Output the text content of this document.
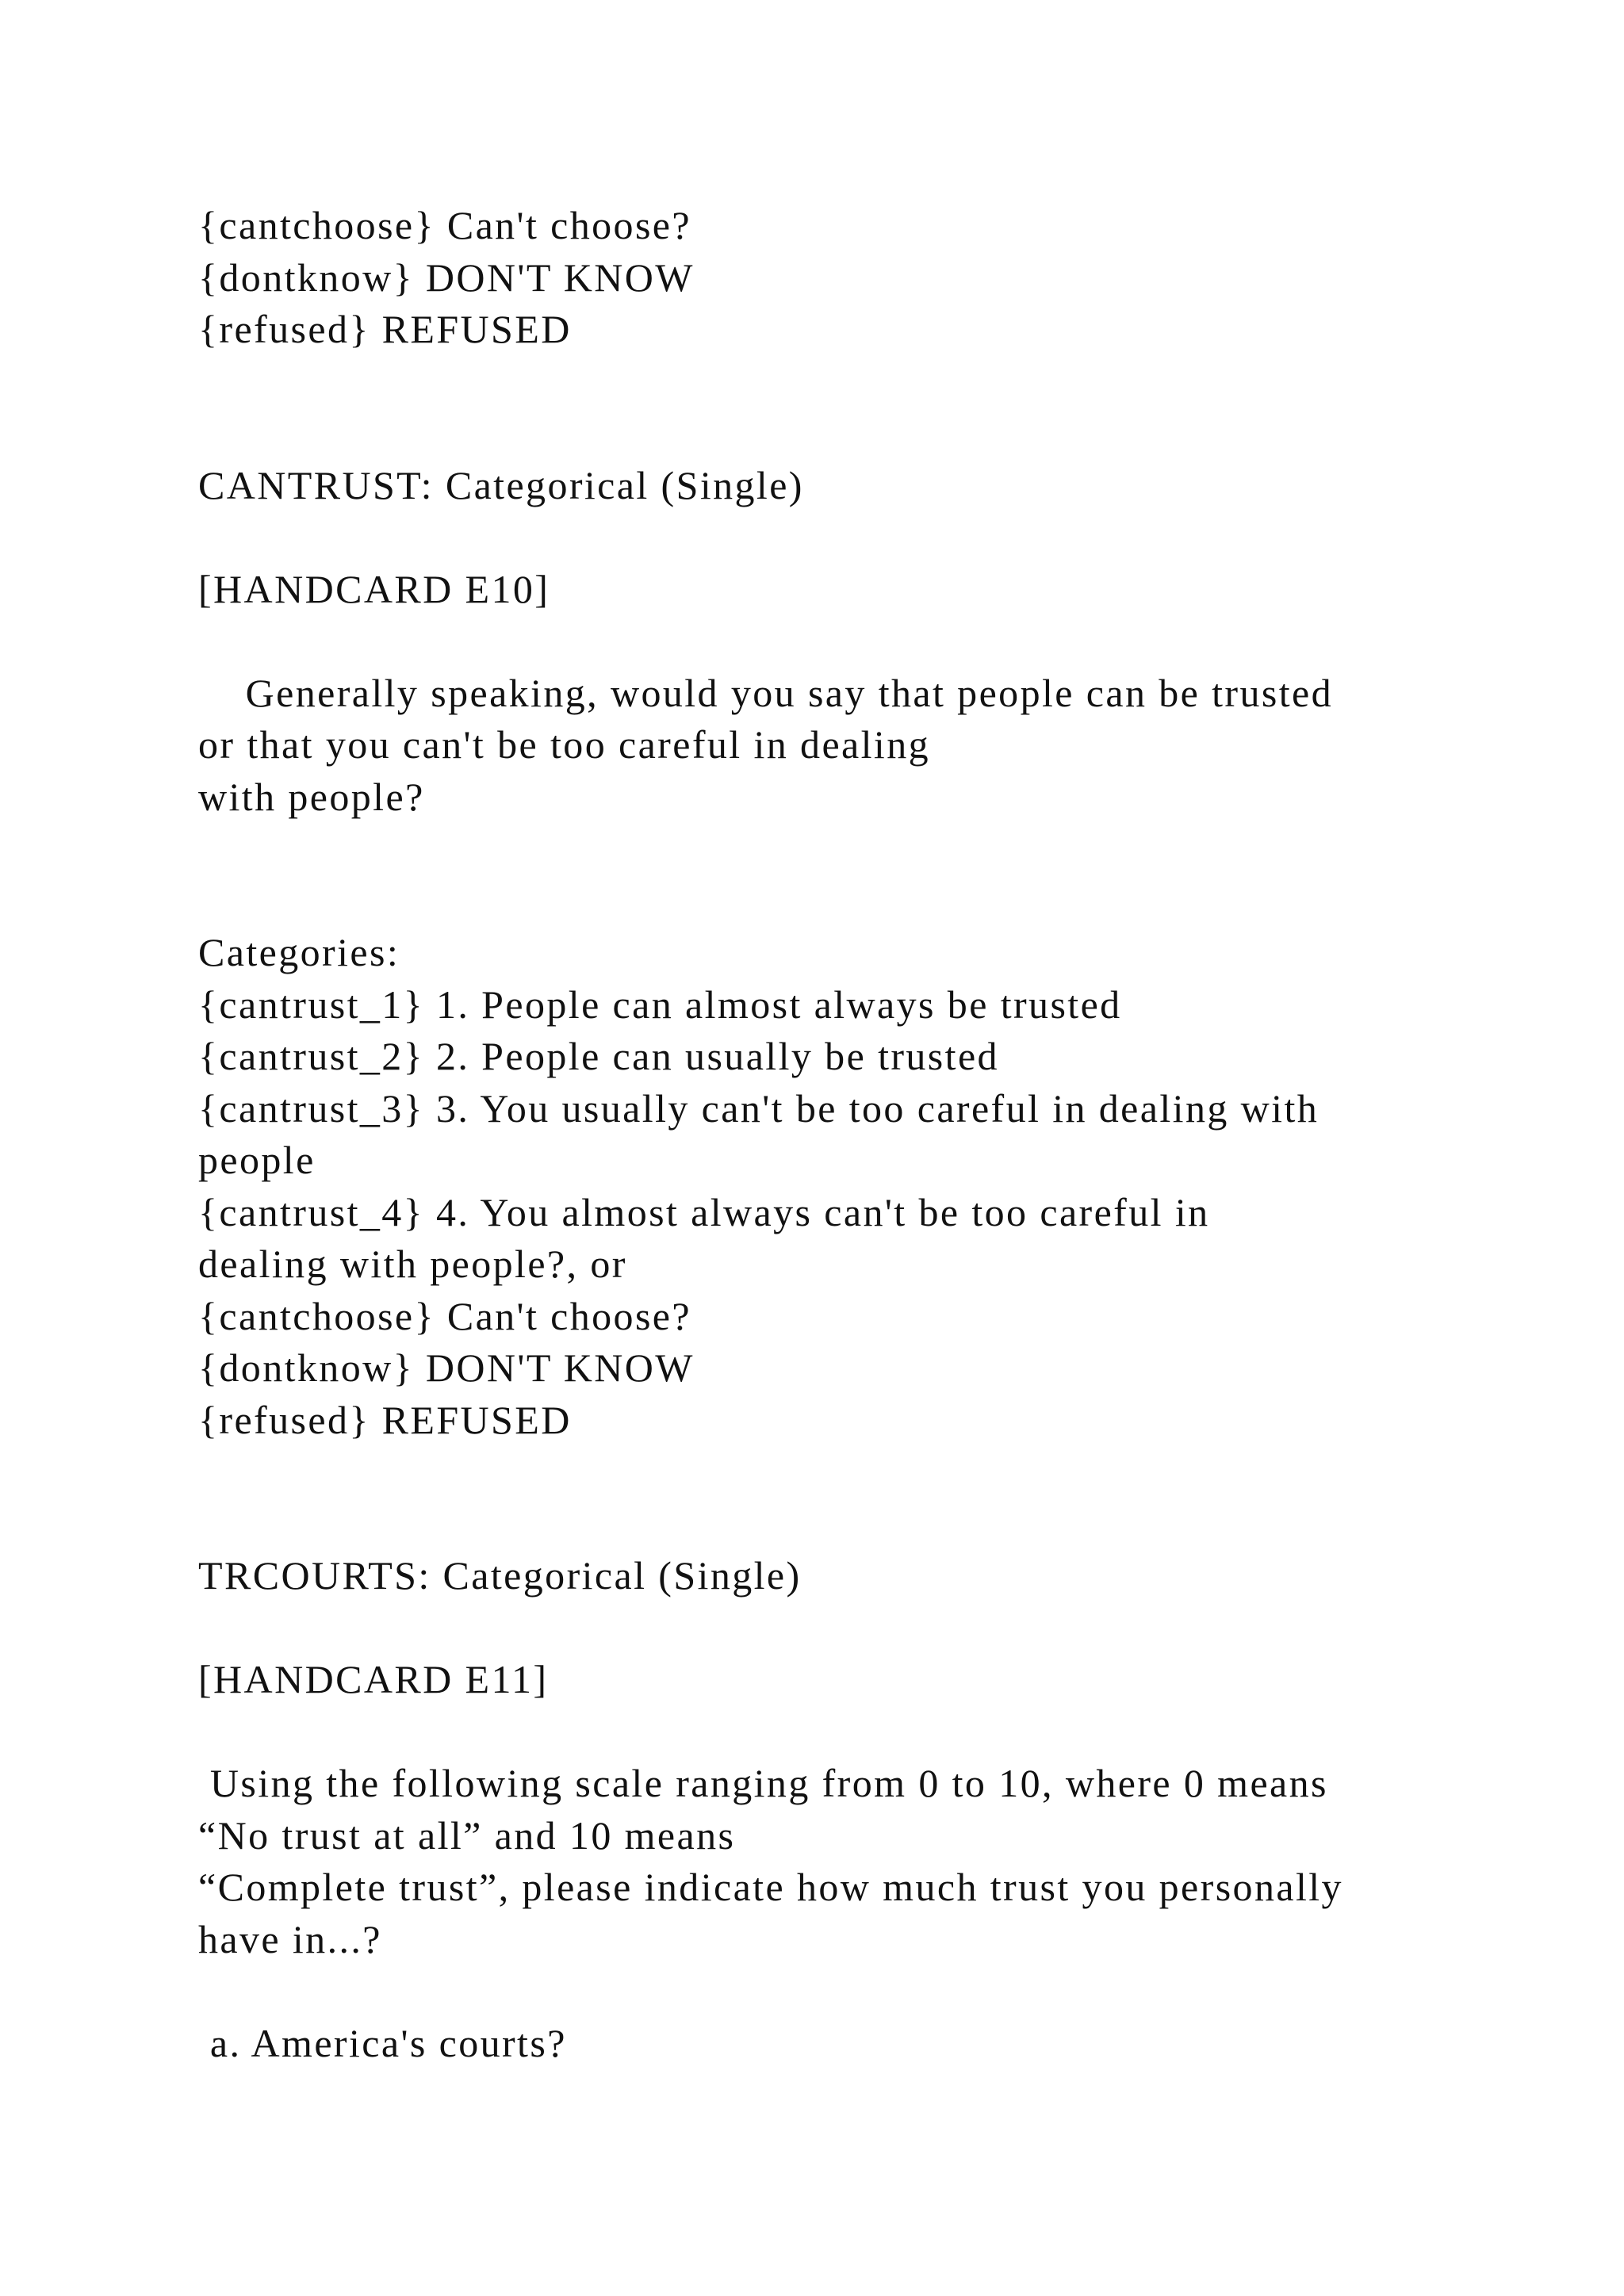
{cantchoose} Can't choose?
{dontknow} DON'T KNOW
{refused} REFUSED
CANTRUST: Categorical (Single)
[HANDCARD E10]
Generally speaking, would you say that people can be trusted
or that you can't be too careful in dealing
with people?
Categories:
{cantrust_1} 1. People can almost always be trusted
{cantrust_2} 2. People can usually be trusted
{cantrust_3} 3. You usually can't be too careful in dealing with
people
{cantrust_4} 4. You almost always can't be too careful in
dealing with people?, or
{cantchoose} Can't choose?
{dontknow} DON'T KNOW
{refused} REFUSED
TRCOURTS: Categorical (Single)
[HANDCARD E11]
Using the following scale ranging from 0 to 10, where 0 means
“No trust at all” and 10 means
“Complete trust”, please indicate how much trust you personally
have in...?
a. America's courts?
